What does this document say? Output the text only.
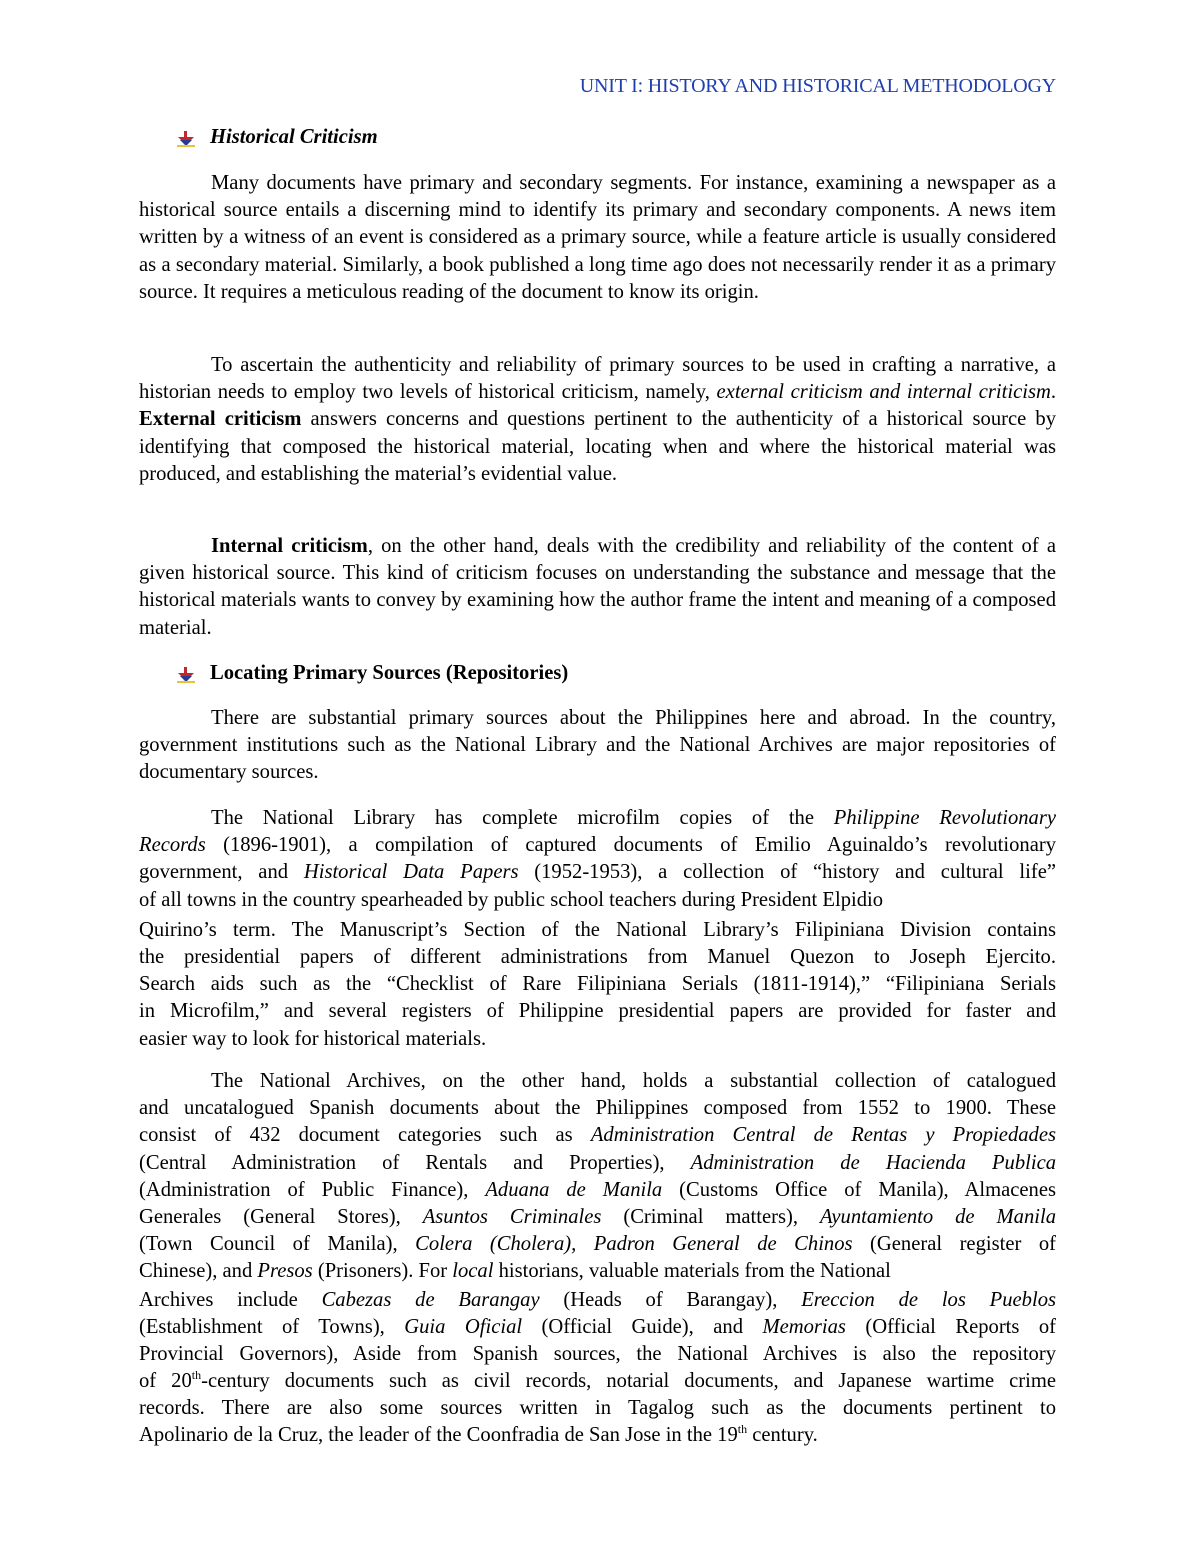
UNIT I: HISTORY AND HISTORICAL METHODOLOGY
Historical Criticism

Many documents have primary and secondary segments. For instance, examining a newspaper as a historical source entails a discerning mind to identify its primary and secondary components. A news item written by a witness of an event is considered as a primary source, while a feature article is usually considered as a secondary material. Similarly, a book published a long time ago does not necessarily render it as a primary source. It requires a meticulous reading of the document to know its origin.

To ascertain the authenticity and reliability of primary sources to be used in crafting a narrative, a historian needs to employ two levels of historical criticism, namely, external criticism and internal criticism. External criticism answers concerns and questions pertinent to the authenticity of a historical source by identifying that composed the historical material, locating when and where the historical material was produced, and establishing the material’s evidential value.

Internal criticism, on the other hand, deals with the credibility and reliability of the content of a given historical source. This kind of criticism focuses on understanding the substance and message that the historical materials wants to convey by examining how the author frame the intent and meaning of a composed material.

Locating Primary Sources (Repositories)

There are substantial primary sources about the Philippines here and abroad. In the country, government institutions such as the National Library and the National Archives are major repositories of documentary sources.

The National Library has complete microfilm copies of the Philippine Revolutionary
Records (1896-1901), a compilation of captured documents of Emilio Aguinaldo’s revolutionary
government, and Historical Data Papers (1952-1953), a collection of “history and cultural life”
of all towns in the country spearheaded by public school teachers during President Elpidio
Quirino’s term. The Manuscript’s Section of the National Library’s Filipiniana Division contains
the presidential papers of different administrations from Manuel Quezon to Joseph Ejercito.
Search aids such as the “Checklist of Rare Filipiniana Serials (1811-1914),” “Filipiniana Serials
in Microfilm,” and several registers of Philippine presidential papers are provided for faster and
easier way to look for historical materials.
The National Archives, on the other hand, holds a substantial collection of catalogued
and uncatalogued Spanish documents about the Philippines composed from 1552 to 1900. These
consist of 432 document categories such as Administration Central de Rentas y Propiedades
(Central Administration of Rentals and Properties), Administration de Hacienda Publica
(Administration of Public Finance), Aduana de Manila (Customs Office of Manila), Almacenes
Generales (General Stores), Asuntos Criminales (Criminal matters), Ayuntamiento de Manila
(Town Council of Manila), Colera (Cholera), Padron General de Chinos (General register of
Chinese), and Presos (Prisoners). For local historians, valuable materials from the National
Archives include Cabezas de Barangay (Heads of Barangay), Ereccion de los Pueblos
(Establishment of Towns), Guia Oficial (Official Guide), and Memorias (Official Reports of
Provincial Governors), Aside from Spanish sources, the National Archives is also the repository
of 20th-century documents such as civil records, notarial documents, and Japanese wartime crime
records. There are also some sources written in Tagalog such as the documents pertinent to
Apolinario de la Cruz, the leader of the Coonfradia de San Jose in the 19th century.
